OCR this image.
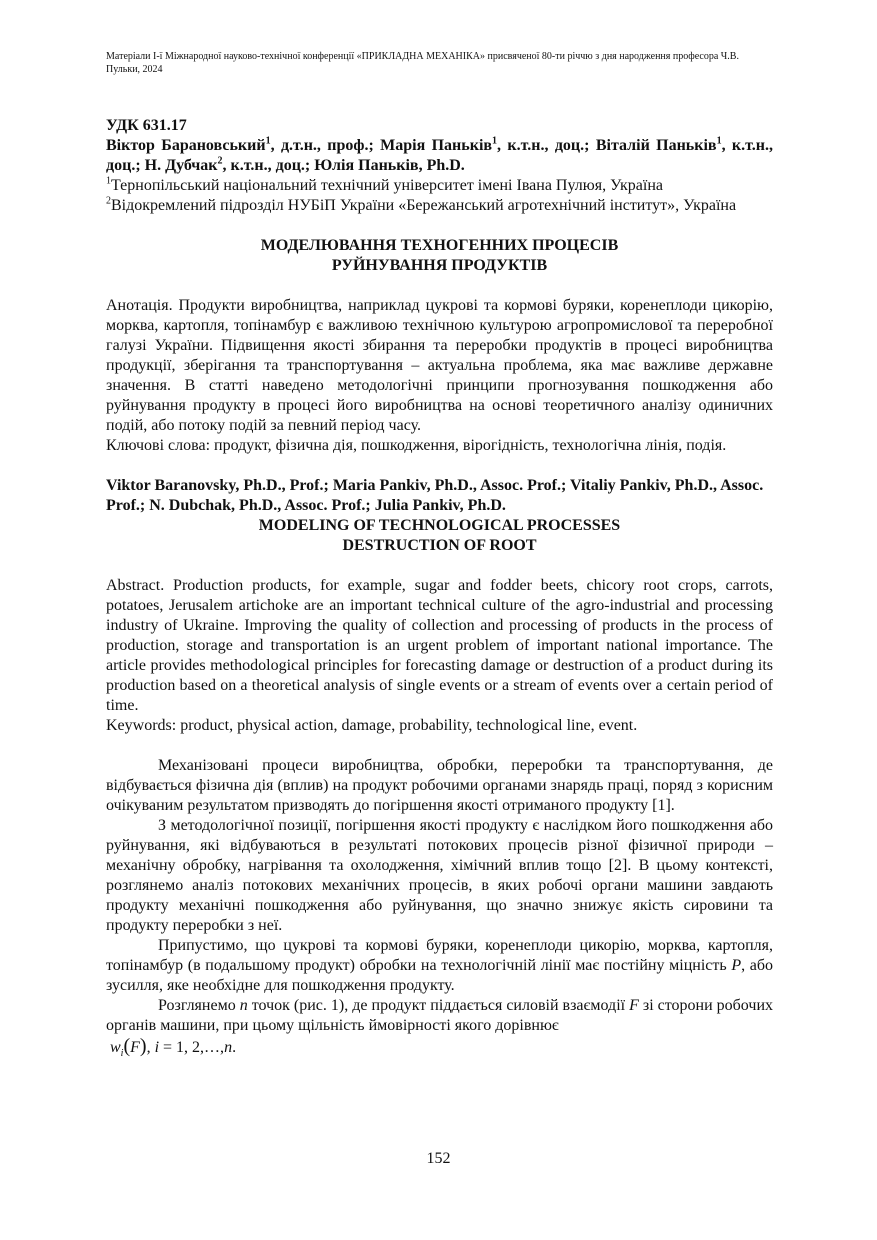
Матеріали I-ї Міжнародної науково-технічної конференції «ПРИКЛАДНА МЕХАНІКА» присвяченої 80-ти річчю з дня народження професора Ч.В. Пульки, 2024
УДК 631.17
Віктор Барановський$^1$, д.т.н., проф.; Марія Паньків$^1$, к.т.н., доц.; Віталій Паньків$^1$, к.т.н., доц.; Н. Дубчак$^2$, к.т.н., доц.; Юлія Паньків, Ph.D.
$^1$Тернопільський національний технічний університет імені Івана Пулюя, Україна
$^2$Відокремлений підрозділ НУБіП України «Бережанський агротехнічний інститут», Україна
МОДЕЛЮВАННЯ ТЕХНОГЕННИХ ПРОЦЕСІВ
РУЙНУВАННЯ ПРОДУКТІВ

Анотація. Продукти виробництва, наприклад цукрові та кормові буряки, коренеплоди цикорію, морква, картопля, топінамбур є важливою технічною культурою агропромислової та переробної галузі України. Підвищення якості збирання та переробки продуктів в процесі виробництва продукції, зберігання та транспортування – актуальна проблема, яка має важливе державне значення. В статті наведено методологічні принципи прогнозування пошкодження або руйнування продукту в процесі його виробництва на основі теоретичного аналізу одиничних подій, або потоку подій за певний період часу.

Ключові слова: продукт, фізична дія, пошкодження, вірогідність, технологічна лінія, подія.

Viktor Baranovsky, Ph.D., Prof.; Maria Pankiv, Ph.D., Assoc. Prof.; Vitaliy Pankiv, Ph.D., Assoc. Prof.; N. Dubchak, Ph.D., Assoc. Prof.; Julia Pankiv, Ph.D.
MODELING OF TECHNOLOGICAL PROCESSES
DESTRUCTION OF ROOT

Abstract. Production products, for example, sugar and fodder beets, chicory root crops, carrots, potatoes, Jerusalem artichoke are an important technical culture of the agro-industrial and processing industry of Ukraine. Improving the quality of collection and processing of products in the process of production, storage and transportation is an urgent problem of important national importance. The article provides methodological principles for forecasting damage or destruction of a product during its production based on a theoretical analysis of single events or a stream of events over a certain period of time.

Keywords: product, physical action, damage, probability, technological line, event.

Механізовані процеси виробництва, обробки, переробки та транспортування, де відбувається фізична дія (вплив) на продукт робочими органами знарядь праці, поряд з корисним очікуваним результатом призводять до погіршення якості отриманого продукту [1].

З методологічної позиції, погіршення якості продукту є наслідком його пошкодження або руйнування, які відбуваються в результаті потокових процесів різної фізичної природи – механічну обробку, нагрівання та охолодження, хімічний вплив тощо [2]. В цьому контексті, розглянемо аналіз потокових механічних процесів, в яких робочі органи машини завдають продукту механічні пошкодження або руйнування, що значно знижує якість сировини та продукту переробки з неї.

Припустимо, що цукрові та кормові буряки, коренеплоди цикорію, морква, картопля, топінамбур (в подальшому продукт) обробки на технологічній лінії має постійну міцність P, або зусилля, яке необхідне для пошкодження продукту.

Розглянемо n точок (рис. 1), де продукт піддається силовій взаємодії F зі сторони робочих органів машини, при цьому щільність ймовірності якого дорівнює

$w_i(F)$, i = 1, 2,…,n.

152
